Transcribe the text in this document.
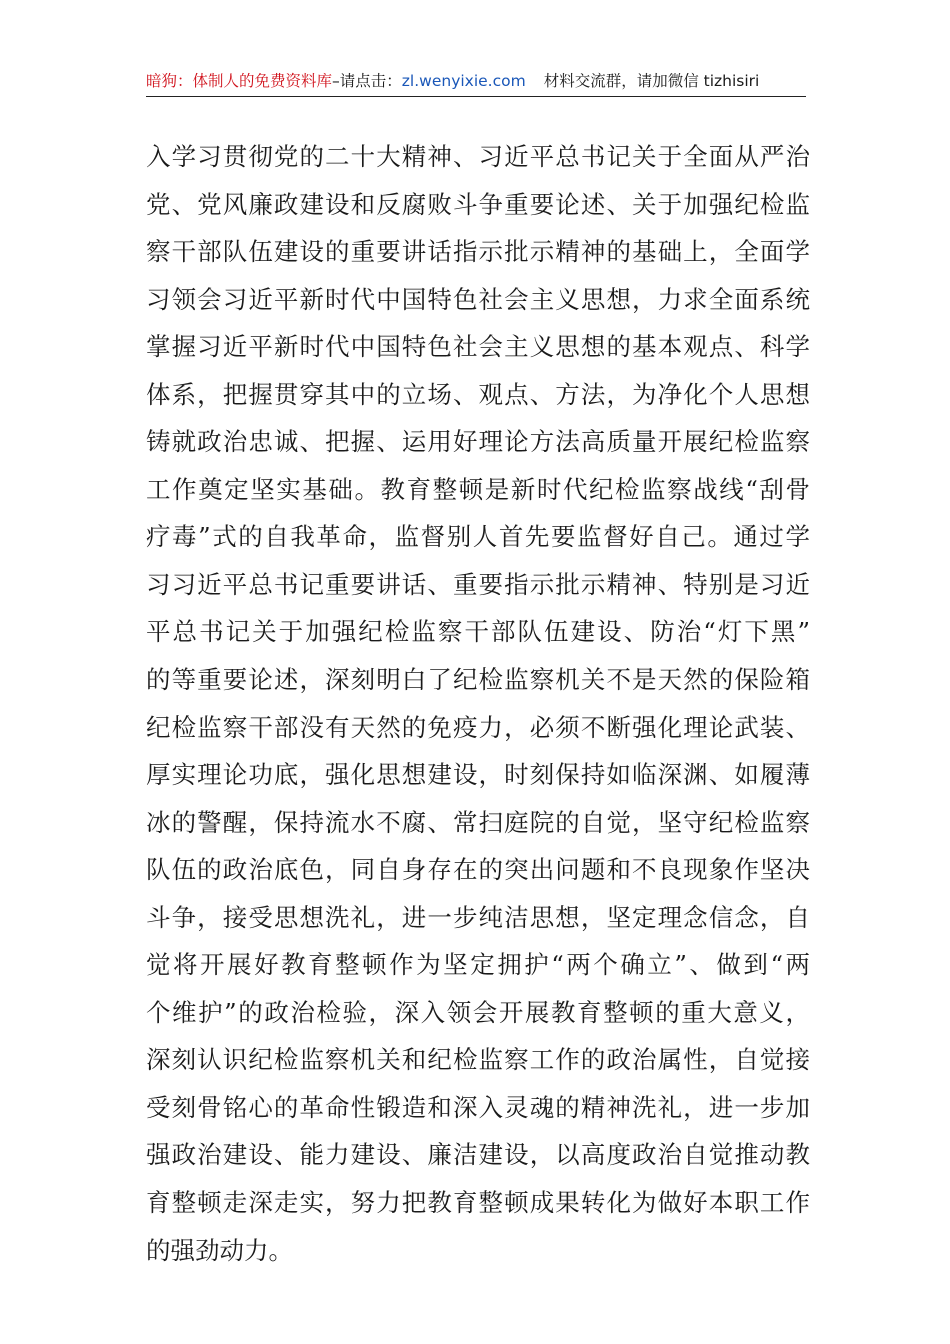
暗狗：体制人的免费资料库–请点击：zl.wenyixie.com 材料交流群，请加微信 tizhisiri
入学习贯彻党的二十大精神、习近平总书记关于全面从严治
党、党风廉政建设和反腐败斗争重要论述、关于加强纪检监
察干部队伍建设的重要讲话指示批示精神的基础上，全面学
习领会习近平新时代中国特色社会主义思想，力求全面系统
掌握习近平新时代中国特色社会主义思想的基本观点、科学
体系，把握贯穿其中的立场、观点、方法，为净化个人思想
铸就政治忠诚、把握、运用好理论方法高质量开展纪检监察
工作奠定坚实基础。教育整顿是新时代纪检监察战线“刮骨
疗毒”式的自我革命，监督别人首先要监督好自己。通过学
习习近平总书记重要讲话、重要指示批示精神、特别是习近
平总书记关于加强纪检监察干部队伍建设、防治“灯下黑”
的等重要论述，深刻明白了纪检监察机关不是天然的保险箱
纪检监察干部没有天然的免疫力，必须不断强化理论武装、
厚实理论功底，强化思想建设，时刻保持如临深渊、如履薄
冰的警醒，保持流水不腐、常扫庭院的自觉，坚守纪检监察
队伍的政治底色，同自身存在的突出问题和不良现象作坚决
斗争，接受思想洗礼，进一步纯洁思想，坚定理念信念，自
觉将开展好教育整顿作为坚定拥护“两个确立”、做到“两
个维护”的政治检验，深入领会开展教育整顿的重大意义，
深刻认识纪检监察机关和纪检监察工作的政治属性，自觉接
受刻骨铭心的革命性锻造和深入灵魂的精神洗礼，进一步加
强政治建设、能力建设、廉洁建设，以高度政治自觉推动教
育整顿走深走实，努力把教育整顿成果转化为做好本职工作
的强劲动力。
